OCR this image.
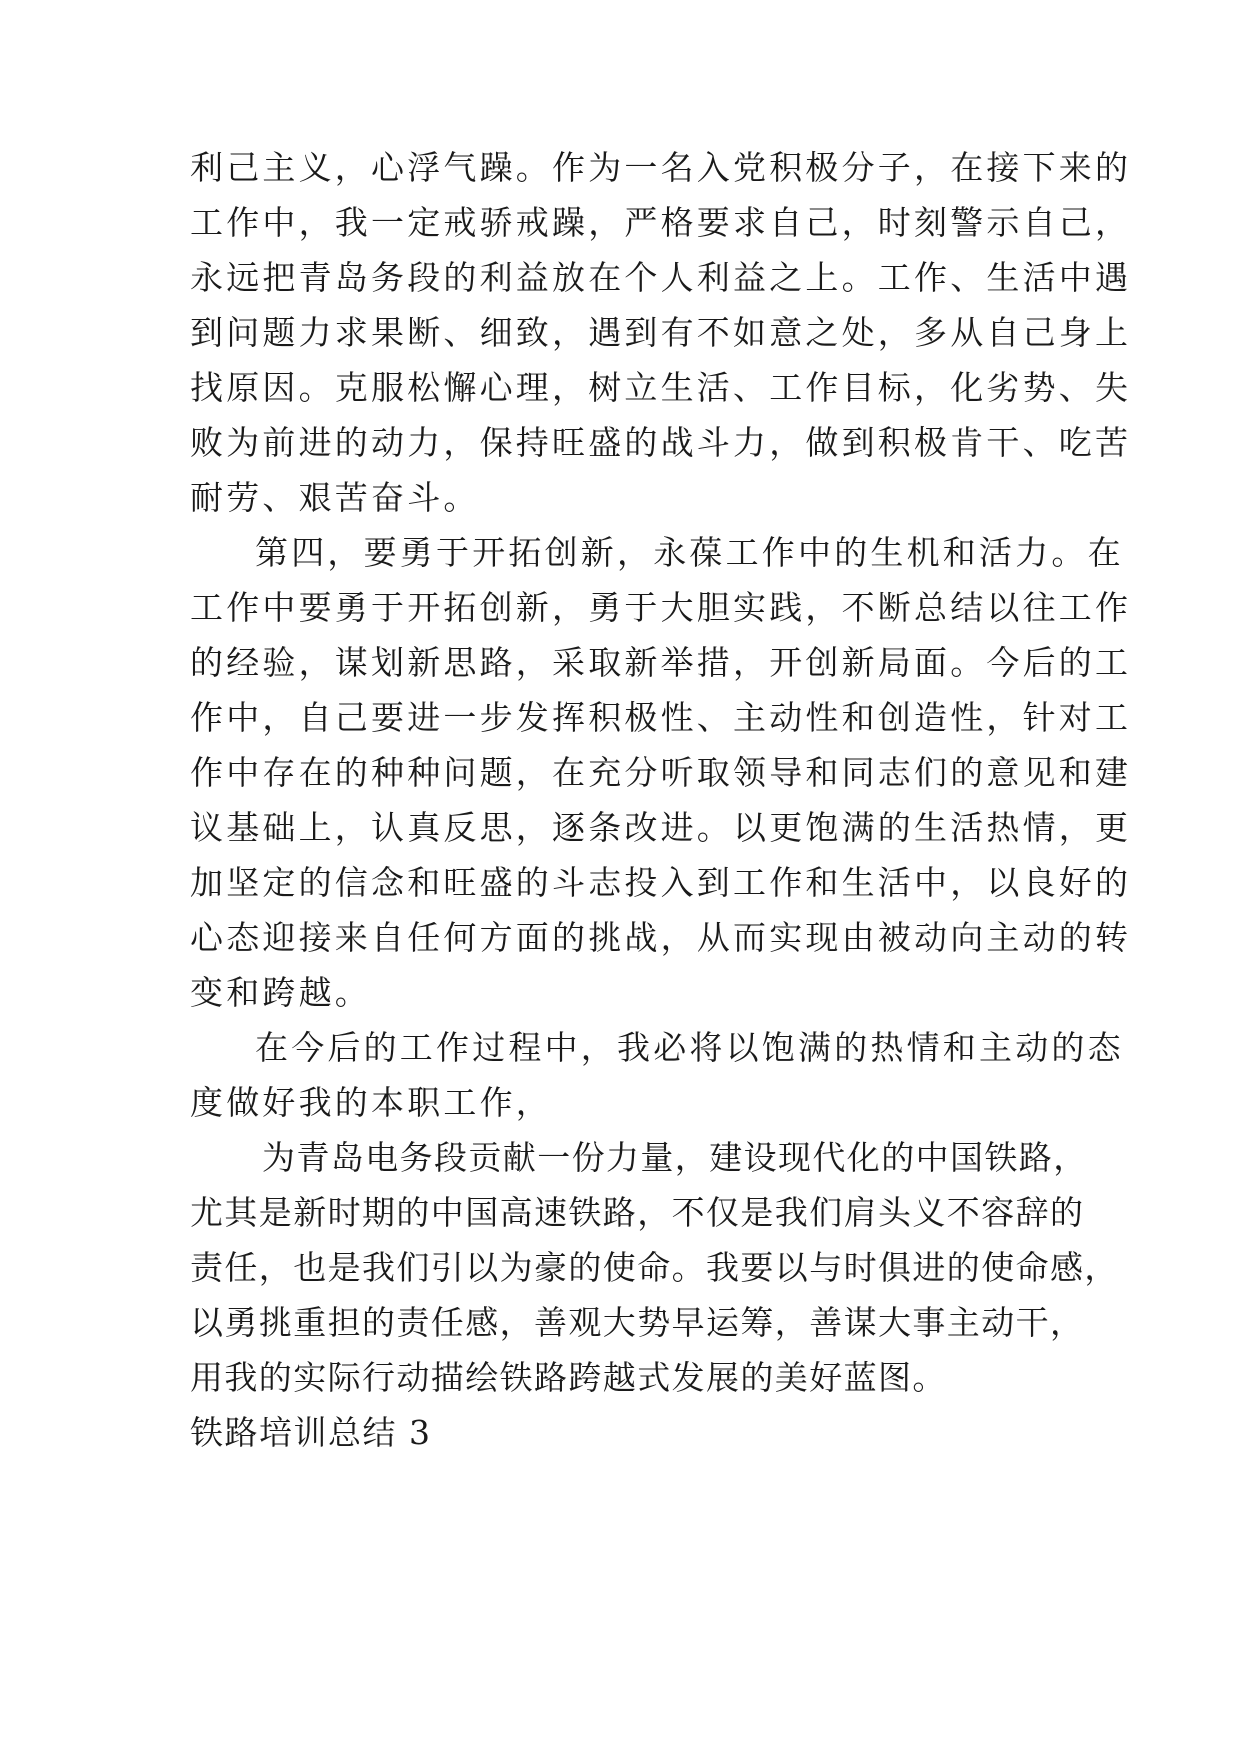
利己主义，心浮气躁。作为一名入党积极分子，在接下来的
工作中，我一定戒骄戒躁，严格要求自己，时刻警示自己，
永远把青岛务段的利益放在个人利益之上。工作、生活中遇
到问题力求果断、细致，遇到有不如意之处，多从自己身上
找原因。克服松懈心理，树立生活、工作目标，化劣势、失
败为前进的动力，保持旺盛的战斗力，做到积极肯干、吃苦
耐劳、艰苦奋斗。
第四，要勇于开拓创新，永葆工作中的生机和活力。在
工作中要勇于开拓创新，勇于大胆实践，不断总结以往工作
的经验，谋划新思路，采取新举措，开创新局面。今后的工
作中，自己要进一步发挥积极性、主动性和创造性，针对工
作中存在的种种问题，在充分听取领导和同志们的意见和建
议基础上，认真反思，逐条改进。以更饱满的生活热情，更
加坚定的信念和旺盛的斗志投入到工作和生活中，以良好的
心态迎接来自任何方面的挑战，从而实现由被动向主动的转
变和跨越。
在今后的工作过程中，我必将以饱满的热情和主动的态
度做好我的本职工作，
为青岛电务段贡献一份力量，建设现代化的中国铁路，
尤其是新时期的中国高速铁路，不仅是我们肩头义不容辞的
责任，也是我们引以为豪的使命。我要以与时俱进的使命感，
以勇挑重担的责任感，善观大势早运筹，善谋大事主动干，
用我的实际行动描绘铁路跨越式发展的美好蓝图。
铁路培训总结 3
